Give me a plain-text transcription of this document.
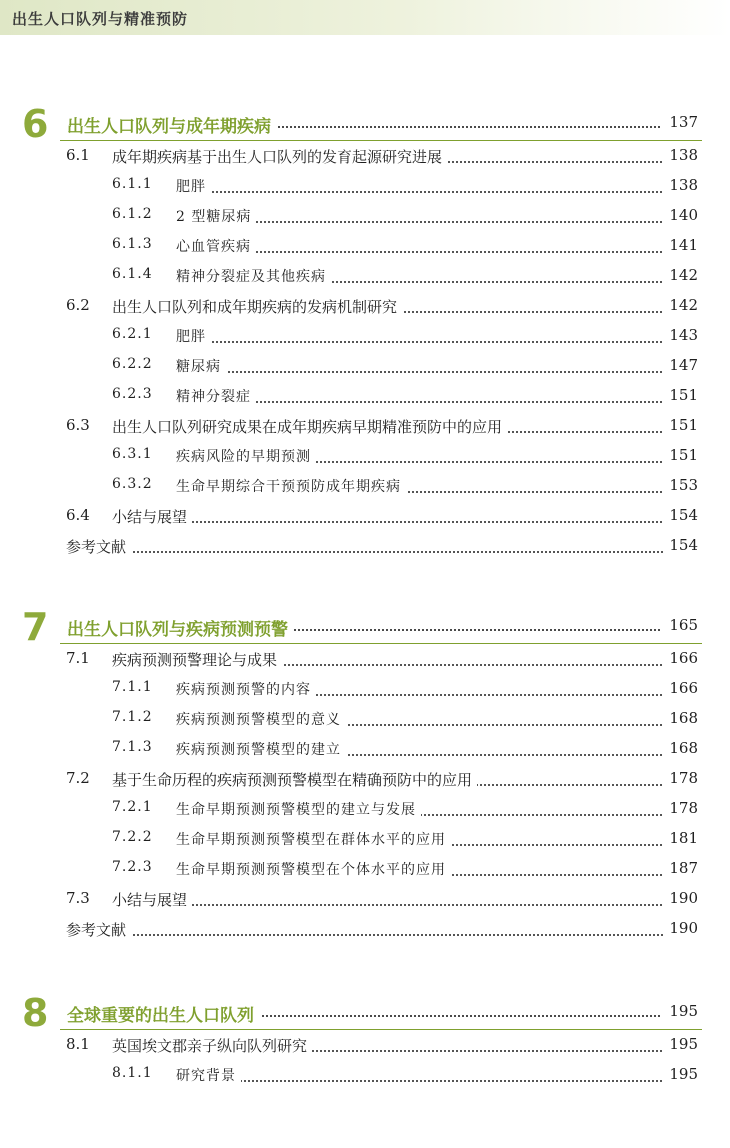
出生人口队列与精准预防
6 出生人口队列与成年期疾病	137
6.1 成年期疾病基于出生人口队列的发育起源研究进展	138
6.1.1 肥胖	138
6.1.2 2 型糖尿病	140
6.1.3 心血管疾病	141
6.1.4 精神分裂症及其他疾病	142
6.2 出生人口队列和成年期疾病的发病机制研究	142
6.2.1 肥胖	143
6.2.2 糖尿病	147
6.2.3 精神分裂症	151
6.3 出生人口队列研究成果在成年期疾病早期精准预防中的应用	151
6.3.1 疾病风险的早期预测	151
6.3.2 生命早期综合干预预防成年期疾病	153
6.4 小结与展望	154
参考文献	154
7 出生人口队列与疾病预测预警	165
7.1 疾病预测预警理论与成果	166
7.1.1 疾病预测预警的内容	166
7.1.2 疾病预测预警模型的意义	168
7.1.3 疾病预测预警模型的建立	168
7.2 基于生命历程的疾病预测预警模型在精确预防中的应用	178
7.2.1 生命早期预测预警模型的建立与发展	178
7.2.2 生命早期预测预警模型在群体水平的应用	181
7.2.3 生命早期预测预警模型在个体水平的应用	187
7.3 小结与展望	190
参考文献	190
8 全球重要的出生人口队列	195
8.1 英国埃文郡亲子纵向队列研究	195
8.1.1 研究背景	195
